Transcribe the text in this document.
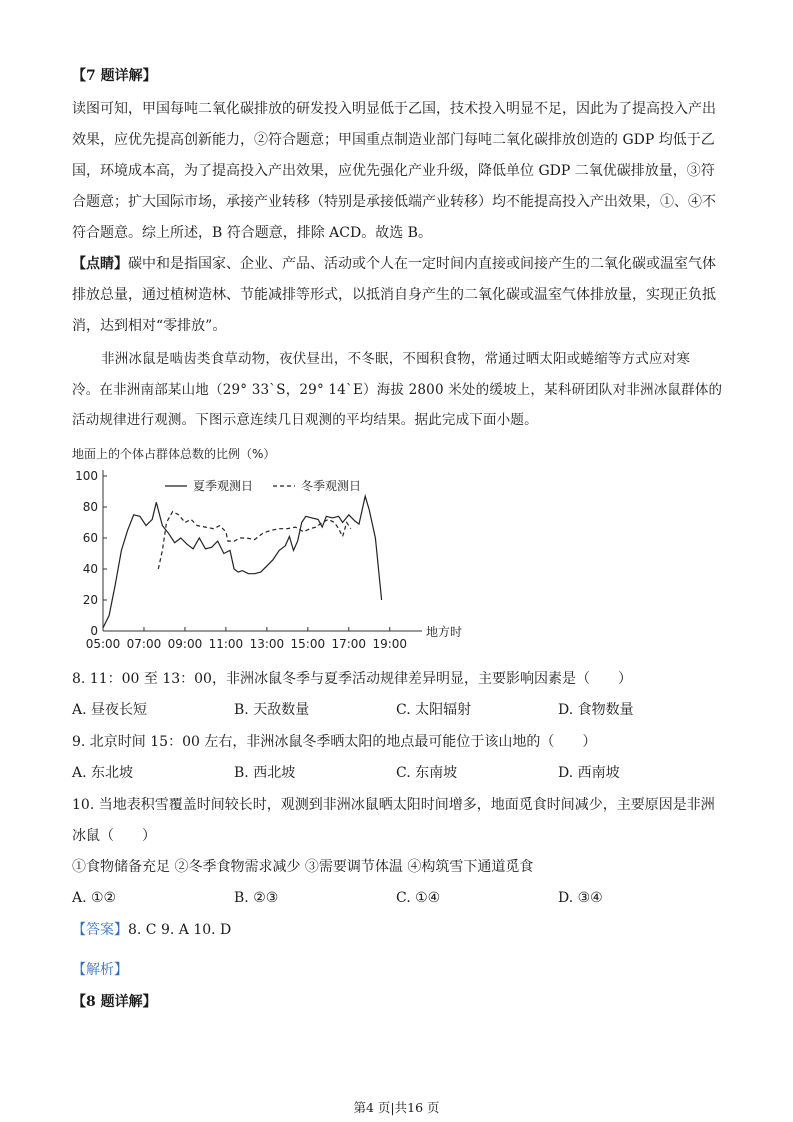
【7 题详解】
读图可知，甲国每吨二氧化碳排放的研发投入明显低于乙国，技术投入明显不足，因此为了提高投入产出
效果，应优先提高创新能力，②符合题意；甲国重点制造业部门每吨二氧化碳排放创造的 GDP 均低于乙
国，环境成本高，为了提高投入产出效果，应优先强化产业升级，降低单位 GDP 二氧优碳排放量，③符
合题意；扩大国际市场，承接产业转移（特别是承接低端产业转移）均不能提高投入产出效果，①、④不
符合题意。综上所述，B 符合题意，排除 ACD。故选 B。
【点睛】碳中和是指国家、企业、产品、活动或个人在一定时间内直接或间接产生的二氧化碳或温室气体
排放总量，通过植树造林、节能减排等形式，以抵消自身产生的二氧化碳或温室气体排放量，实现正负抵
消，达到相对“零排放”。
非洲冰鼠是啮齿类食草动物，夜伏昼出，不冬眠，不囤积食物，常通过晒太阳或蜷缩等方式应对寒
冷。在非洲南部某山地（29° 33`S，29° 14`E）海拔 2800 米处的缓坡上，某科研团队对非洲冰鼠群体的
活动规律进行观测。下图示意连续几日观测的平均结果。据此完成下面小题。
地面上的个体占群体总数的比例（%）
0
20
40
60
80
100
05:00 07:00 09:00 11:00 13:00 15:00 17:00 19:00
地方时
夏季观测日	冬季观测日
8. 11：00 至 13：00，非洲冰鼠冬季与夏季活动规律差异明显，主要影响因素是（　　）
A. 昼夜长短	B. 天敌数量	C. 太阳辐射	D. 食物数量
9. 北京时间 15：00 左右，非洲冰鼠冬季晒太阳的地点最可能位于该山地的（　　）
A. 东北坡	B. 西北坡	C. 东南坡	D. 西南坡
10. 当地表积雪覆盖时间较长时，观测到非洲冰鼠晒太阳时间增多，地面觅食时间减少，主要原因是非洲
冰鼠（　　）
①食物储备充足 ②冬季食物需求减少 ③需要调节体温 ④构筑雪下通道觅食
A. ①②	B. ②③	C. ①④	D. ③④
【答案】8. C 9. A 10. D
【解析】
【8 题详解】
第4 页|共16 页
